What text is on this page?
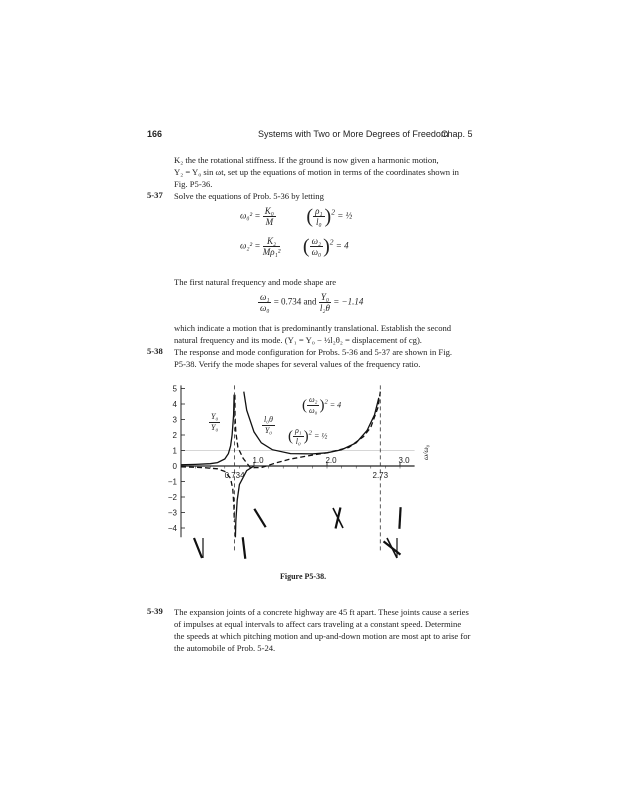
166	Systems with Two or More Degrees of Freedom
Chap. 5
K₂ the the rotational stiffness. If the ground is now given a harmonic motion,
Y₂ = Y₀ sin ωt, set up the equations of motion in terms of the coordinates shown in
Fig. P5-36.
5-37 Solve the equations of Prob. 5-36 by letting
$\omega_0^2 = \frac{\text{K₀}}{M}$ ( $\frac{\text{ρ₁}}{\text{l₀}} )^2$ = ½
$\omega_2^2 = \frac{\text{K₂}}{\text{Mρ₁²}}$ ( $\frac{\text{ω₂}}{\text{ω₀}} )^2 = 4$
The first natural frequency and mode shape are
$\frac{\text{ω₁}}{\text{ω₀}} = 0.734$ and $\frac{\text{Y₀}}{\text{l₂θ}} = -1.14$
which indicate a motion that is predominantly translational. Establish the second
natural frequency and its mode. (Y₁ = Y₀ − ½l₂θ₂ = displacement of cg).
5-38 The response and mode configuration for Probs. 5-36 and 5-37 are shown in Fig.
P5-38. Verify the mode shapes for several values of the frequency ratio.
5
4
3
2
1
0
−1
−2
−3
−4
1.0	2.0	3.0
0.734	2.73
$\frac{\text{Y₀}}{\text{Y₀}}$	$\frac{\text{l₀θ}}{\text{Y₀}}$
( $\frac{\text{ω₂}}{\text{ω₀}} )^2 = 4$
( $\frac{\text{ρ₁}}{\text{l₀}} )^2$ = ½
ω/ω₀
Figure P5-38.
5-39 The expansion joints of a concrete highway are 45 ft apart. These joints cause a series
of impulses at equal intervals to affect cars traveling at a constant speed. Determine
the speeds at which pitching motion and up-and-down motion are most apt to arise for
the automobile of Prob. 5-24.
